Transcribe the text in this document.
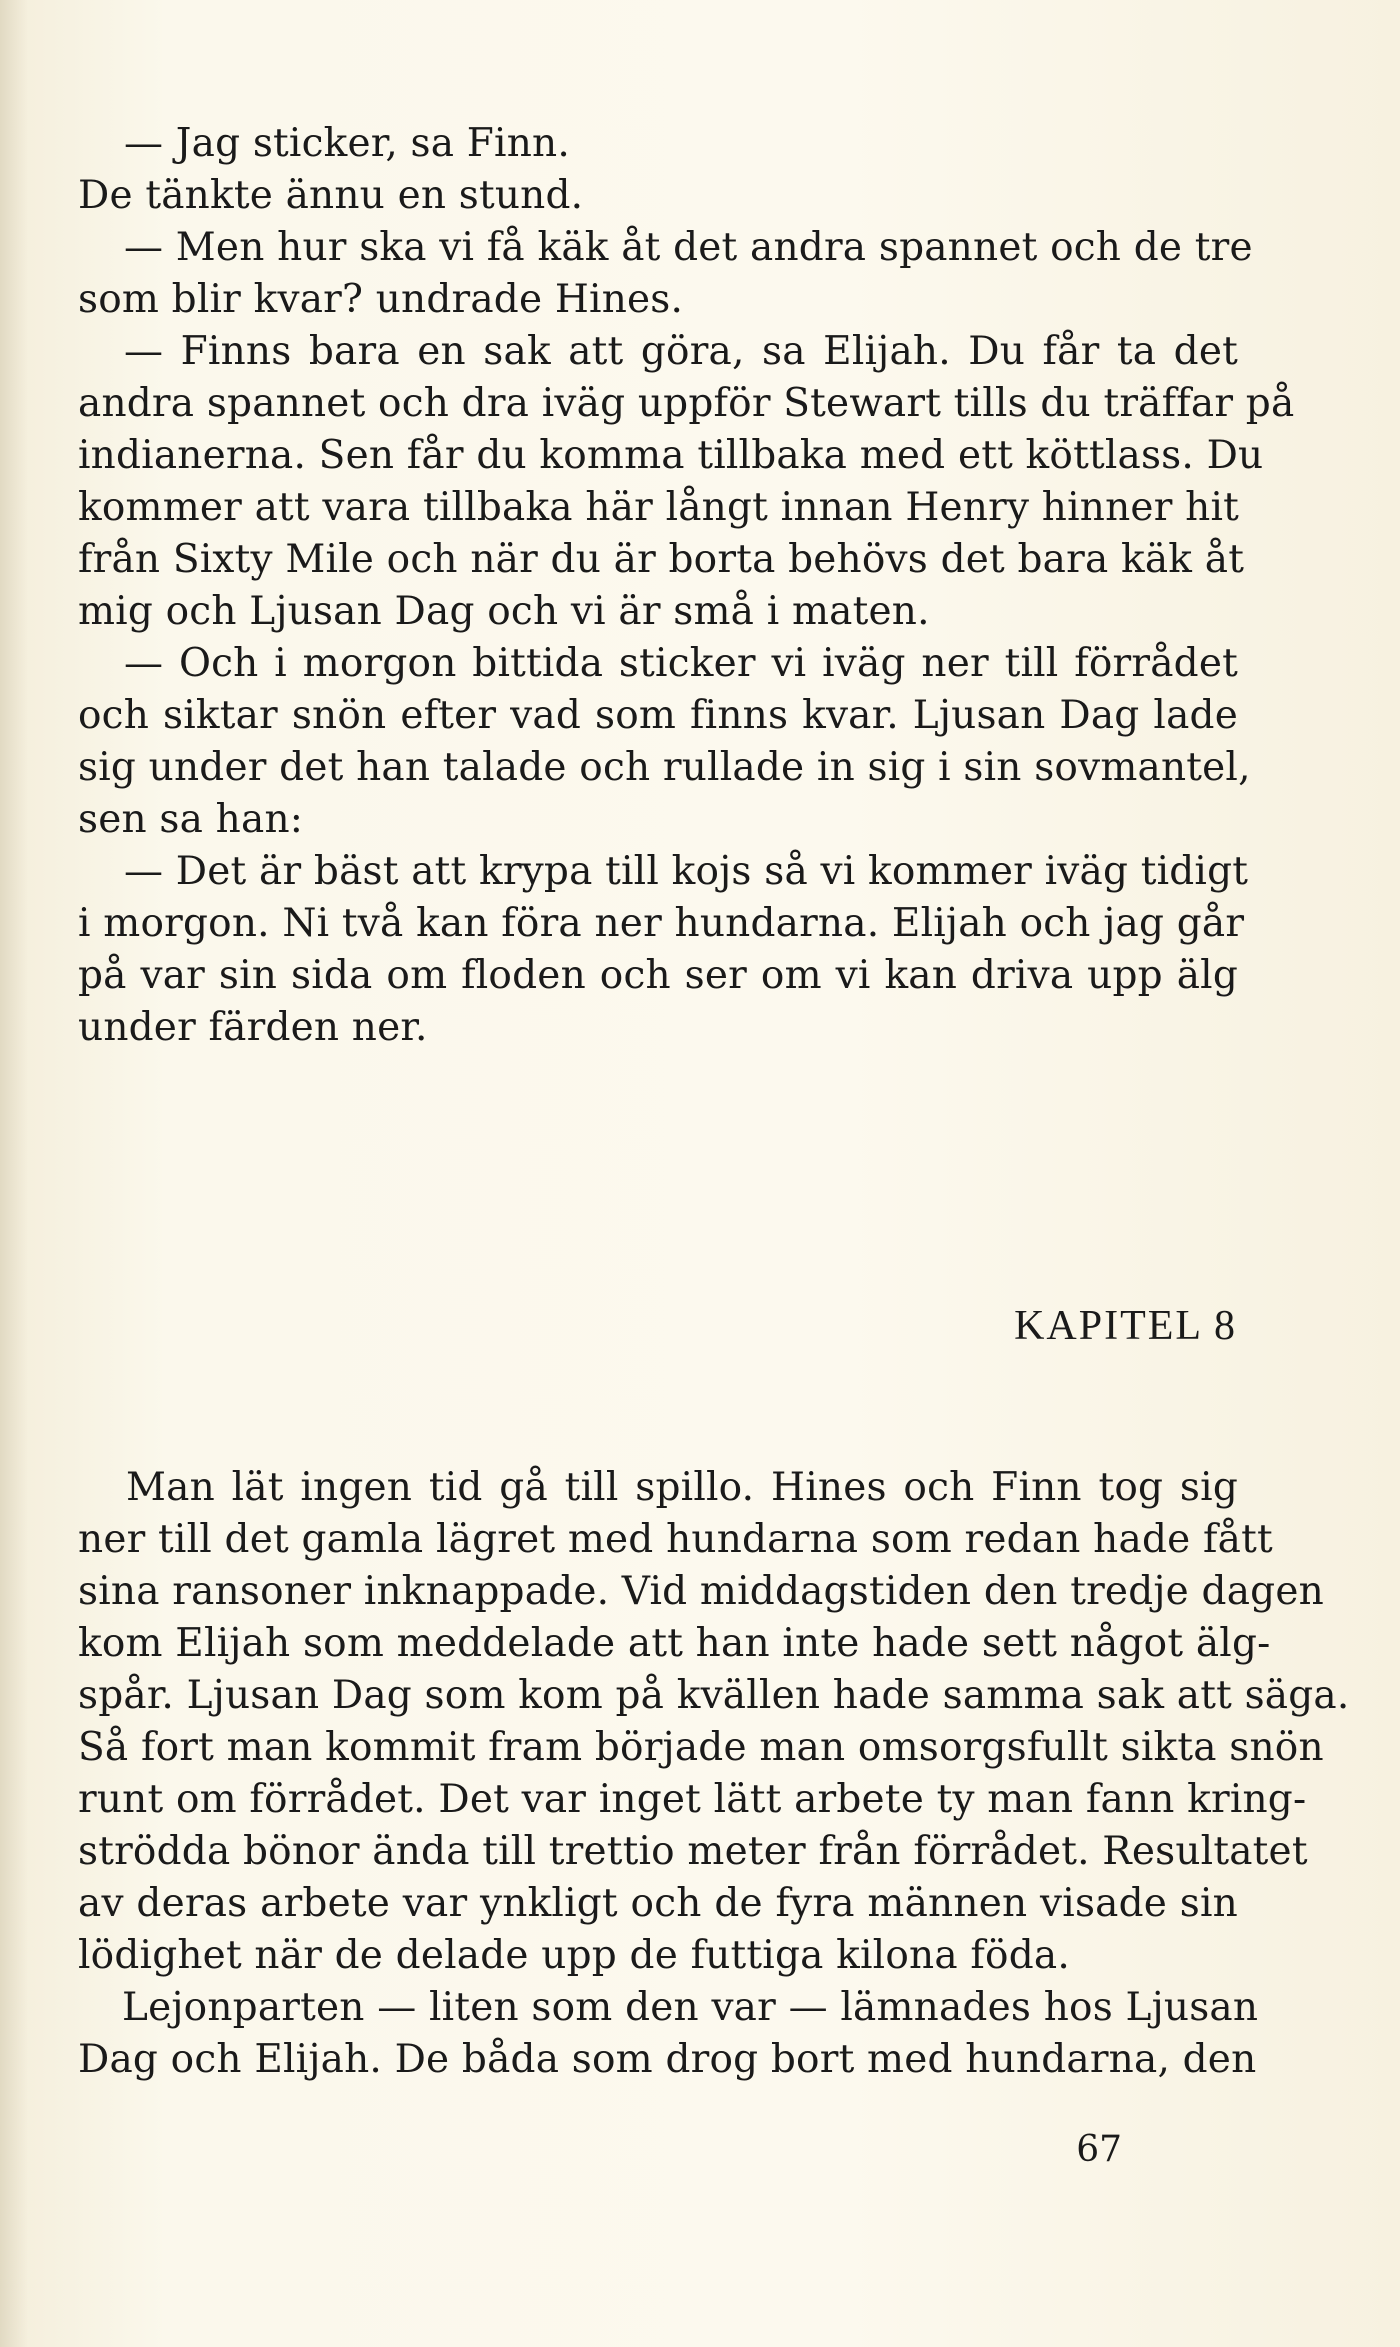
— Jag sticker, sa Finn.
De tänkte ännu en stund.
— Men hur ska vi få käk åt det andra spannet och de tre
som blir kvar? undrade Hines.
— Finns bara en sak att göra, sa Elijah. Du får ta det
andra spannet och dra iväg uppför Stewart tills du träffar på
indianerna. Sen får du komma tillbaka med ett köttlass. Du
kommer att vara tillbaka här långt innan Henry hinner hit
från Sixty Mile och när du är borta behövs det bara käk åt
mig och Ljusan Dag och vi är små i maten.
— Och i morgon bittida sticker vi iväg ner till förrådet
och siktar snön efter vad som finns kvar. Ljusan Dag lade
sig under det han talade och rullade in sig i sin sovmantel,
sen sa han:
— Det är bäst att krypa till kojs så vi kommer iväg tidigt
i morgon. Ni två kan föra ner hundarna. Elijah och jag går
på var sin sida om floden och ser om vi kan driva upp älg
under färden ner.
KAPITEL 8
Man lät ingen tid gå till spillo. Hines och Finn tog sig
ner till det gamla lägret med hundarna som redan hade fått
sina ransoner inknappade. Vid middagstiden den tredje dagen
kom Elijah som meddelade att han inte hade sett något älg-
spår. Ljusan Dag som kom på kvällen hade samma sak att säga.
Så fort man kommit fram började man omsorgsfullt sikta snön
runt om förrådet. Det var inget lätt arbete ty man fann kring-
strödda bönor ända till trettio meter från förrådet. Resultatet
av deras arbete var ynkligt och de fyra männen visade sin
lödighet när de delade upp de futtiga kilona föda.
Lejonparten — liten som den var — lämnades hos Ljusan
Dag och Elijah. De båda som drog bort med hundarna, den
67
